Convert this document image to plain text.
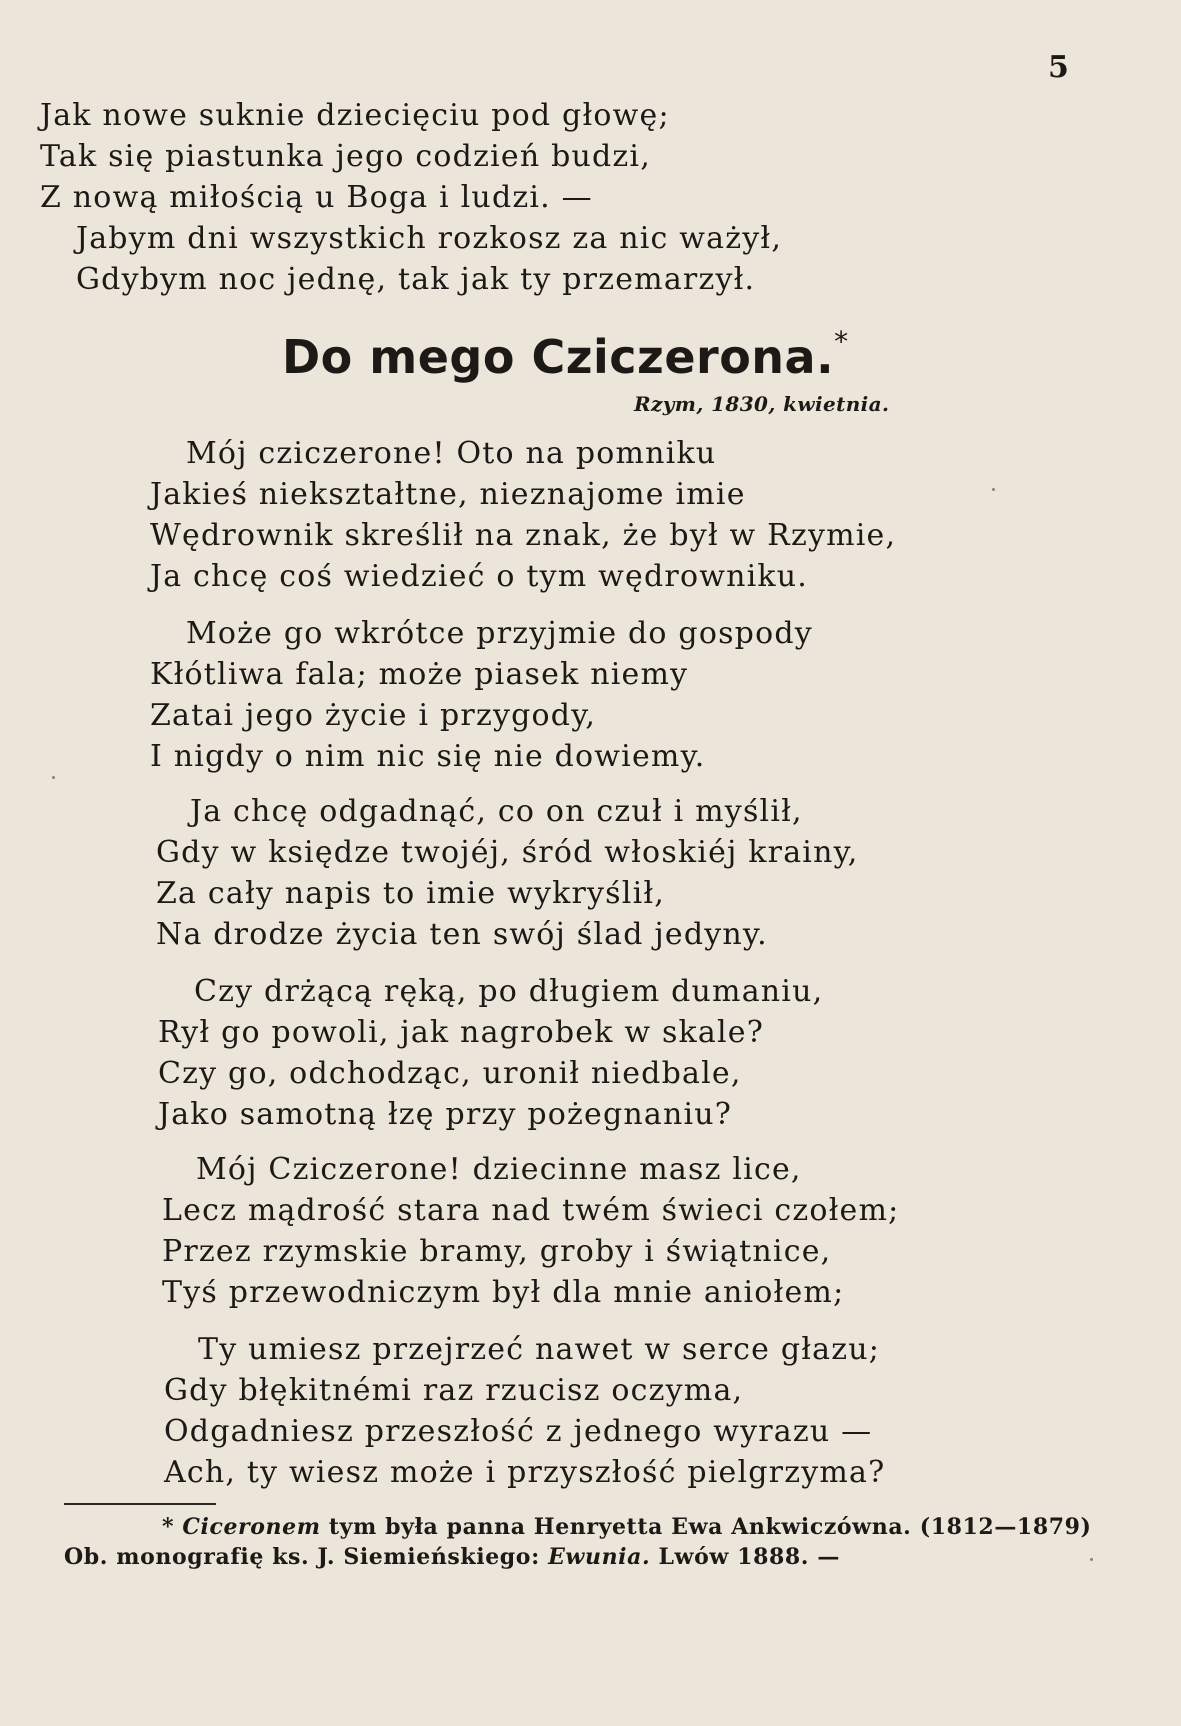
5
Jak nowe suknie dziecięciu pod głowę;
Tak się piastunka jego codzień budzi,
Z nową miłością u Boga i ludzi. —
Jabym dni wszystkich rozkosz za nic ważył,
Gdybym noc jednę, tak jak ty przemarzył.
Do mego Cziczerona.*
Rzym, 1830, kwietnia.
Mój cziczerone! Oto na pomniku
Jakieś niekształtne, nieznajome imie
Wędrownik skreślił na znak, że był w Rzymie,
Ja chcę coś wiedzieć o tym wędrowniku.
Może go wkrótce przyjmie do gospody
Kłótliwa fala; może piasek niemy
Zatai jego życie i przygody,
I nigdy o nim nic się nie dowiemy.
Ja chcę odgadnąć, co on czuł i myślił,
Gdy w księdze twojéj, śród włoskiéj krainy,
Za cały napis to imie wykryślił,
Na drodze życia ten swój ślad jedyny.
Czy drżącą ręką, po długiem dumaniu,
Rył go powoli, jak nagrobek w skale?
Czy go, odchodząc, uronił niedbale,
Jako samotną łzę przy pożegnaniu?
Mój Cziczerone! dziecinne masz lice,
Lecz mądrość stara nad twém świeci czołem;
Przez rzymskie bramy, groby i świątnice,
Tyś przewodniczym był dla mnie aniołem;
Ty umiesz przejrzeć nawet w serce głazu;
Gdy błękitnémi raz rzucisz oczyma,
Odgadniesz przeszłość z jednego wyrazu —
Ach, ty wiesz może i przyszłość pielgrzyma?
* Ciceronem tym była panna Henryetta Ewa Ankwiczówna. (1812—1879)
Ob. monografię ks. J. Siemieńskiego: Ewunia. Lwów 1888. —
